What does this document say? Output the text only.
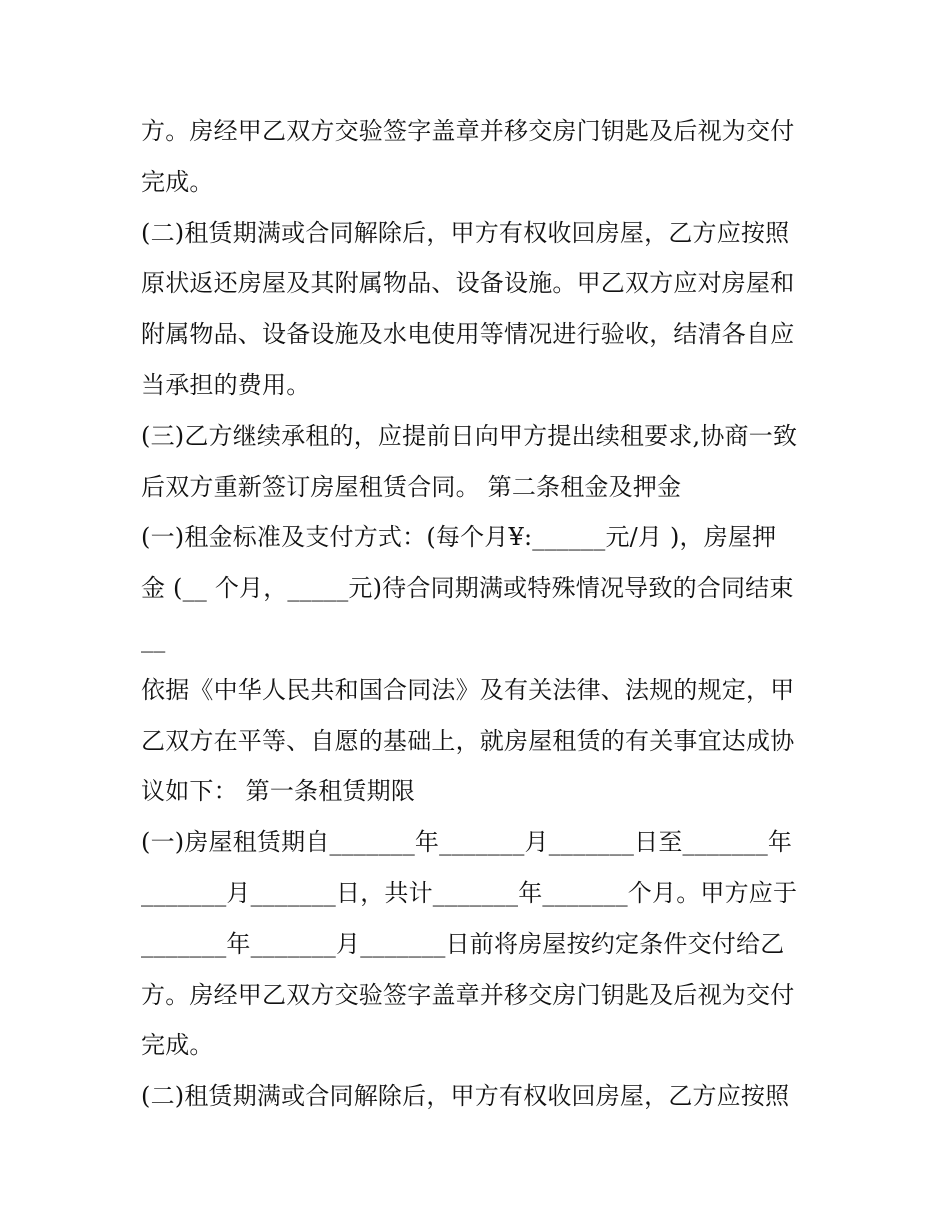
方。房经甲乙双方交验签字盖章并移交房门钥匙及后视为交付
完成。
(二)租赁期满或合同解除后，甲方有权收回房屋，乙方应按照
原状返还房屋及其附属物品、设备设施。甲乙双方应对房屋和
附属物品、设备设施及水电使用等情况进行验收，结清各自应
当承担的费用。
(三)乙方继续承租的，应提前日向甲方提出续租要求,协商一致
后双方重新签订房屋租赁合同。 第二条租金及押金
(一)租金标准及支付方式：(每个月¥:______元/月 )，房屋押
金 (__ 个月，_____元)待合同期满或特殊情况导致的合同结束
__
依据《中华人民共和国合同法》及有关法律、法规的规定，甲
乙双方在平等、自愿的基础上，就房屋租赁的有关事宜达成协
议如下： 第一条租赁期限
(一)房屋租赁期自_______年_______月_______日至_______年
_______月_______日，共计_______年_______个月。甲方应于
_______年_______月_______日前将房屋按约定条件交付给乙
方。房经甲乙双方交验签字盖章并移交房门钥匙及后视为交付
完成。
(二)租赁期满或合同解除后，甲方有权收回房屋，乙方应按照
